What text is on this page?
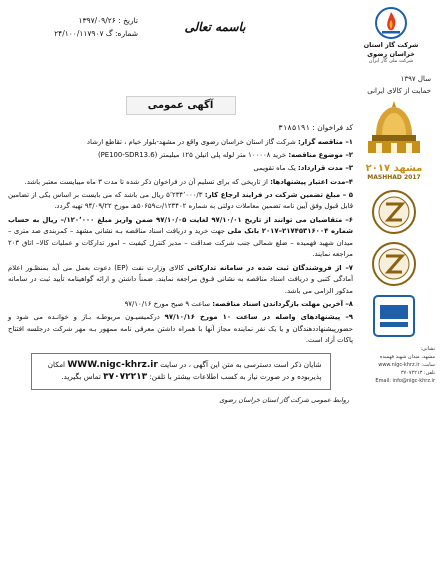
تاریخ : ۱۳۹۷/۰۹/۲۶
شماره: گ ۲۴/۱۰۰/۱۱۷۹۰۷	باسمه تعالی
شرکت گاز استان
خراسان رضوی
شرکت ملی گاز ایران
سال ۱۳۹۷
حمایت از کالای ایرانی
مشهد ۲۰۱۷
MASHHAD 2017
نشانی:
مشهد، میدان شهید فهمیده
سایت: www.nigc-khrz.ir
تلفن: ۳۷۰۷۲۲۱۳
Email: info@nigc-khrz.ir
آگهی عمومی
کد فراخوان : ۳۱۸۵۱۹۱

۱– مناقصه گزار: شرکت گاز استان خراسان رضوی واقع در مشهد-بلوار خیام ، تقاطع ارشاد

۲– موضوع مناقصه: خرید ۱۰۰۰۰۸ متر لوله پلی اتیلن ۱۲۵ میلیمتر (PE100-SDR13.6)

۳– مدت قرارداد: یک ماه تقویمی

۴–مدت اعتبار پیشنهادها: از تاریخی که برای تسلیم آن در فراخوان ذکر شده تا مدت ۳ ماه میبایست معتبر باشد.

۵ – مبلغ تضمین شرکت در فرایند ارجاع کار: ۵٬۲۳۴٬۰۰۰/۳ ریال می باشد که می بایست بر اساس یکی از تضامین قابل قبول وفق آیین نامه تضمین معاملات دولتی به شماره ۱۲۳۴۰۲/ت۵۰۶۵۹هـ مورخ ۹۴/۰۹/۲۲ تهیه گردد.

۶– متقاضیان می توانند از تاریخ ۹۷/۱۰/۰۱ لغایت ۹۷/۱۰/۰۵ ضمن واریز مبلغ ۱۲۰٬۰۰۰/– ریال به حساب شماره ۲۱۷۴۵۳۱۶۰۰۴–۲۰۱۷ بانک ملی جهت خرید و دریافت اسناد مناقصه بـه نشانی مشهد – کمربندی صد متری – میدان شهید فهمیده – ضلع شمالی جنب شرکت صداقت – مدیر کنترل کیفیت – امور تدارکات و عملیات کالا– اتاق ۲۰۳ مراجعه نمایند.

۷– از فروشندگان ثبت شده در سامانه تدارکاتی کالای وزارت نفت (EP) دعوت بعمل می آید بمنظـور اعلام آمادگی کتبی و دریافت اسناد مناقصه به نشانی فـوق مراجعه نمایند. ضمناً داشتن و ارائه گواهینامه تأیید ثبت در سامانه مذکور الزامی می باشد.

۸– آخرین مهلت بازگرداندن اسناد مناقصه: ساعت ۹ صبح مورخ ۹۷/۱۰/۱۶

۹– پیشنهادهای واصله در ساعت ۱۰ مورخ ۹۷/۱۰/۱۶ درکمیسیـون مربوطـه بـاز و خوانـده می شود و حضورپیشنهاددهندگان و یا یک نفر نماینده مجاز آنها با همراه داشتن معرفی نامه ممهور بـه مهر شرکت درجلسه افتتاح پاکات آزاد است.

شایان ذکر است دسترسی به متن این آگهی ، در سایت WWW.nigc-khrz.ir امکان پذیربوده و در صورت نیاز به کسب اطلاعات بیشتر با تلفن: ۳۷۰۷۲۲۱۳ تماس بگیرید.
روابط عمومی شرکت گاز استان خراسان رضوی
